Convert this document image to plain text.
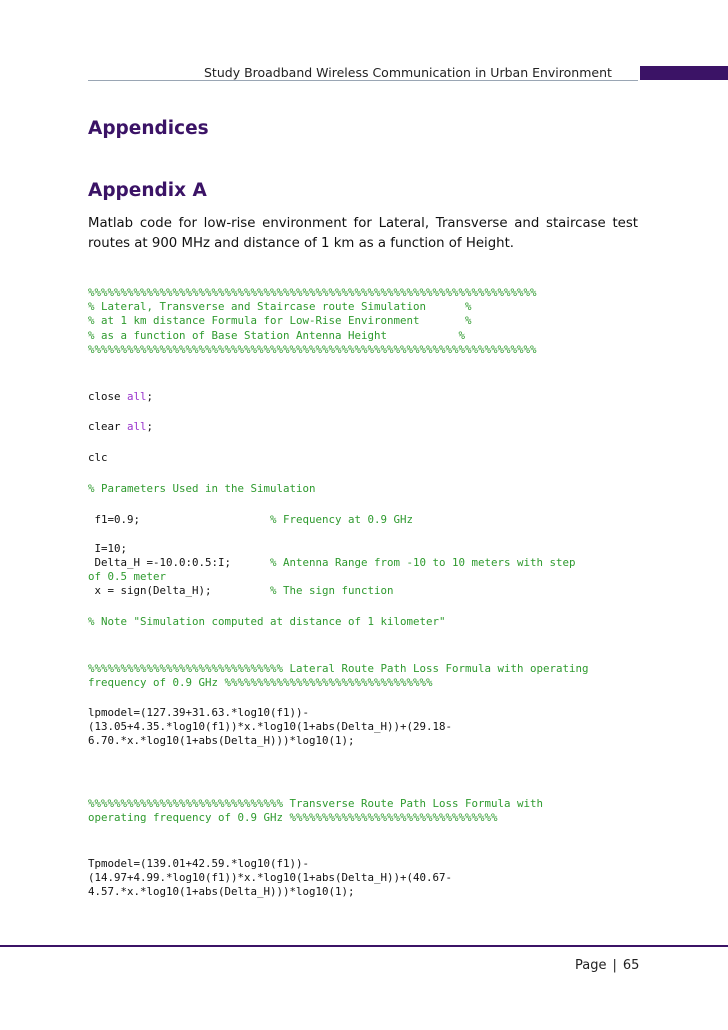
Study Broadband Wireless Communication in Urban Environment
Appendices
Appendix A
Matlab code for low-rise environment for Lateral, Transverse and staircase test routes at 900 MHz and distance of 1 km as a function of Height.
%%%%%%%%%%%%%%%%%%%%%%%%%%%%%%%%%%%%%%%%%%%%%%%%%%%%%%%%%%%%%%%%%%%%%
% Lateral, Transverse and Staircase route Simulation      %
% at 1 km distance Formula for Low-Rise Environment       %
% as a function of Base Station Antenna Height           %
%%%%%%%%%%%%%%%%%%%%%%%%%%%%%%%%%%%%%%%%%%%%%%%%%%%%%%%%%%%%%%%%%%%%%
close all;
clear all;
clc
% Parameters Used in the Simulation
f1=0.9;                    % Frequency at 0.9 GHz
I=10;
Delta_H =-10.0:0.5:I;      % Antenna Range from -10 to 10 meters with step
of 0.5 meter
x = sign(Delta_H);         % The sign function
% Note "Simulation computed at distance of 1 kilometer"
%%%%%%%%%%%%%%%%%%%%%%%%%%%%%% Lateral Route Path Loss Formula with operating
frequency of 0.9 GHz %%%%%%%%%%%%%%%%%%%%%%%%%%%%%%%%
lpmodel=(127.39+31.63.*log10(f1))-
(13.05+4.35.*log10(f1))*x.*log10(1+abs(Delta_H))+(29.18-
6.70.*x.*log10(1+abs(Delta_H)))*log10(1);
%%%%%%%%%%%%%%%%%%%%%%%%%%%%%% Transverse Route Path Loss Formula with
operating frequency of 0.9 GHz %%%%%%%%%%%%%%%%%%%%%%%%%%%%%%%%
Tpmodel=(139.01+42.59.*log10(f1))-
(14.97+4.99.*log10(f1))*x.*log10(1+abs(Delta_H))+(40.67-
4.57.*x.*log10(1+abs(Delta_H)))*log10(1);
Page | 65
